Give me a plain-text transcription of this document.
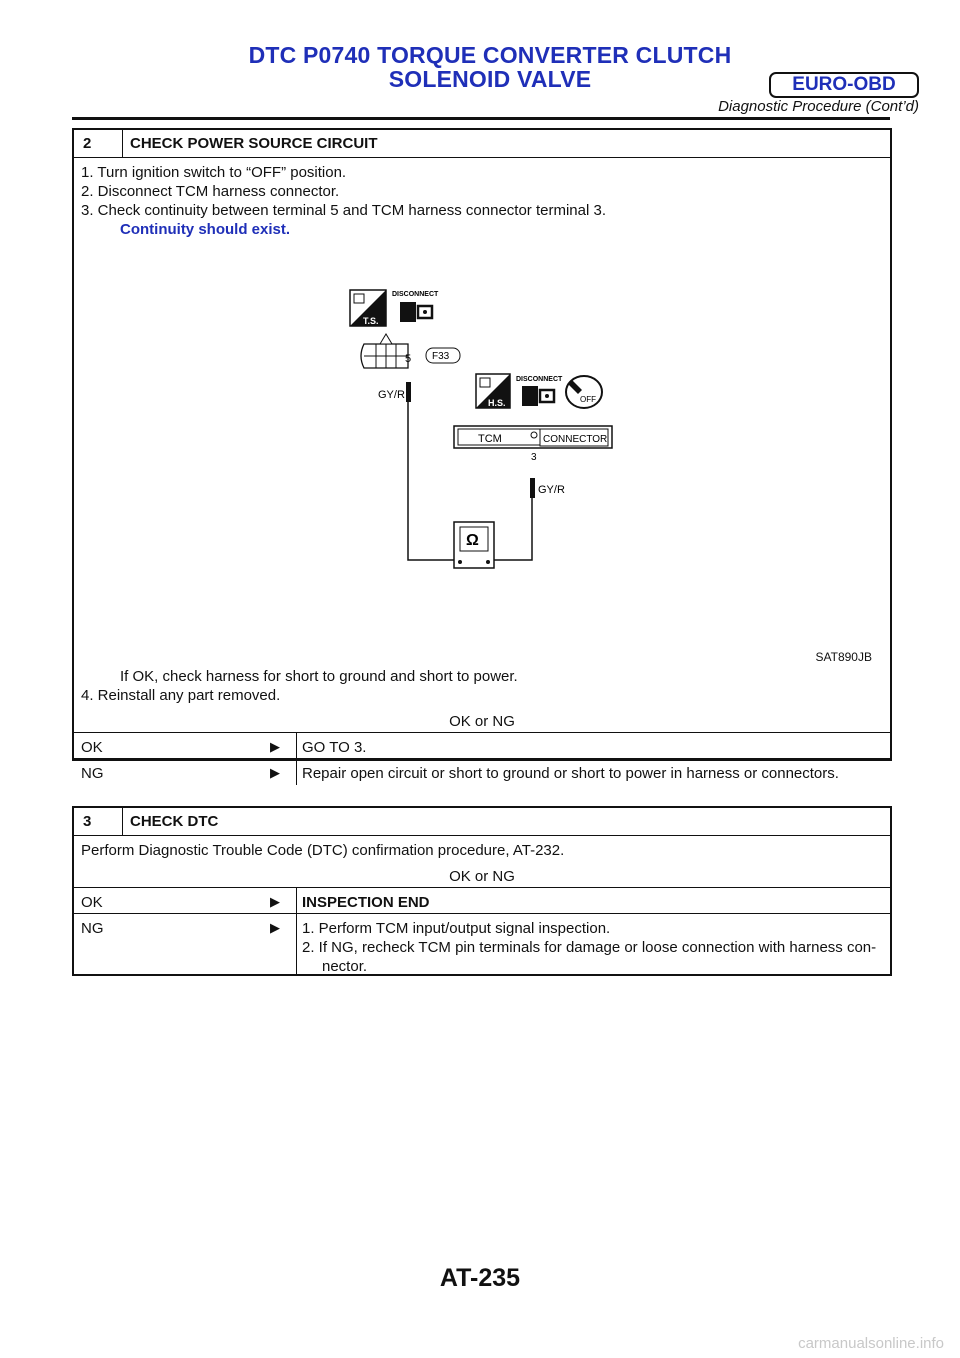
DTC P0740 TORQUE CONVERTER CLUTCH
SOLENOID VALVE	EURO-OBD
Diagnostic Procedure (Cont’d)
2	CHECK POWER SOURCE CIRCUIT
1. Turn ignition switch to “OFF” position.
2. Disconnect TCM harness connector.
3. Check continuity between terminal 5 and TCM harness connector terminal 3.
Continuity should exist.
T.S.
DISCONNECT
5 F33
GY/R
H.S.
DISCONNECT
OFF
TCM	CONNECTOR
3
GY/R
Ω
SAT890JB
If OK, check harness for short to ground and short to power.
4. Reinstall any part removed.
OK or NG
OK	▶ GO TO 3.
NG	▶ Repair open circuit or short to ground or short to power in harness or connectors.
3	CHECK DTC
Perform Diagnostic Trouble Code (DTC) confirmation procedure, AT-232.
OK or NG
OK	▶ INSPECTION END
NG	▶ 1. Perform TCM input/output signal inspection.
2. If NG, recheck TCM pin terminals for damage or loose connection with harness con-
nector.
AT-235
carmanualsonline.info
